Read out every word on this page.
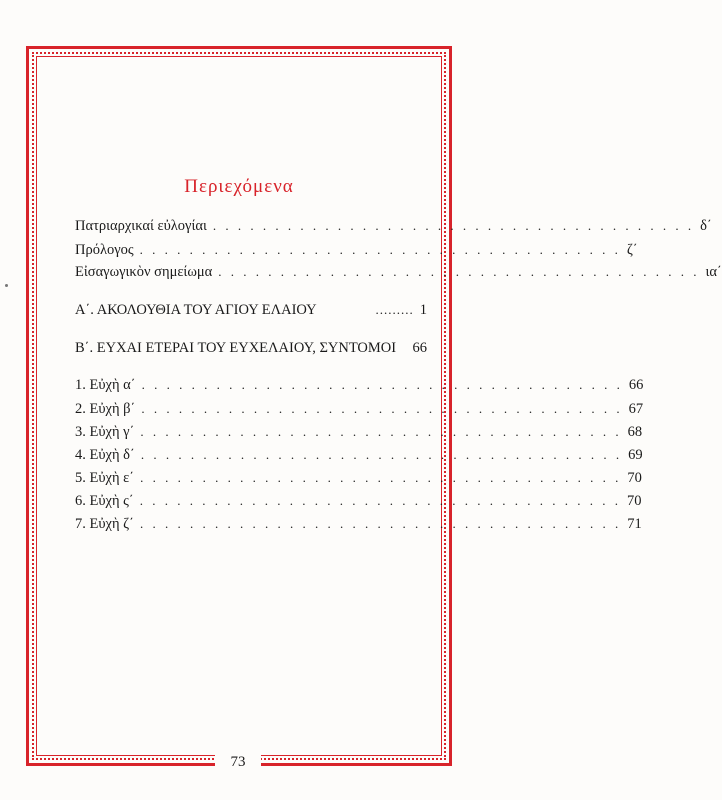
Περιεχόμενα
Πατριαρχικαί εὐλογίαι . . . . . . . . . . . . . . . . . . . . . . . . . . . . . . . . . . . . . . . δ΄
Πρόλογος . . . . . . . . . . . . . . . . . . . . . . . . . . . . . . . . . . . . . . . ζ΄
Εἰσαγωγικὸν σημείωμα . . . . . . . . . . . . . . . . . . . . . . . . . . . . . . . . . . . . . . . ια΄
Α΄. ΑΚΟΛΟΥΘΙΑ ΤΟΥ ΑΓΙΟΥ ΕΛΑΙΟΥ	......... 1
Β΄. ΕΥΧΑΙ ΕΤΕΡΑΙ ΤΟΥ ΕΥΧΕΛΑΙΟΥ, ΣΥΝΤΟΜΟΙ 66
1. Εὐχὴ α΄ . . . . . . . . . . . . . . . . . . . . . . . . . . . . . . . . . . . . . . . 66
2. Εὐχὴ β΄ . . . . . . . . . . . . . . . . . . . . . . . . . . . . . . . . . . . . . . . 67
3. Εὐχὴ γ΄ . . . . . . . . . . . . . . . . . . . . . . . . . . . . . . . . . . . . . . . 68
4. Εὐχὴ δ΄ . . . . . . . . . . . . . . . . . . . . . . . . . . . . . . . . . . . . . . . 69
5. Εὐχὴ ε΄ . . . . . . . . . . . . . . . . . . . . . . . . . . . . . . . . . . . . . . . 70
6. Εὐχὴ ς΄ . . . . . . . . . . . . . . . . . . . . . . . . . . . . . . . . . . . . . . . 70
7. Εὐχὴ ζ΄ . . . . . . . . . . . . . . . . . . . . . . . . . . . . . . . . . . . . . . . 71
73
